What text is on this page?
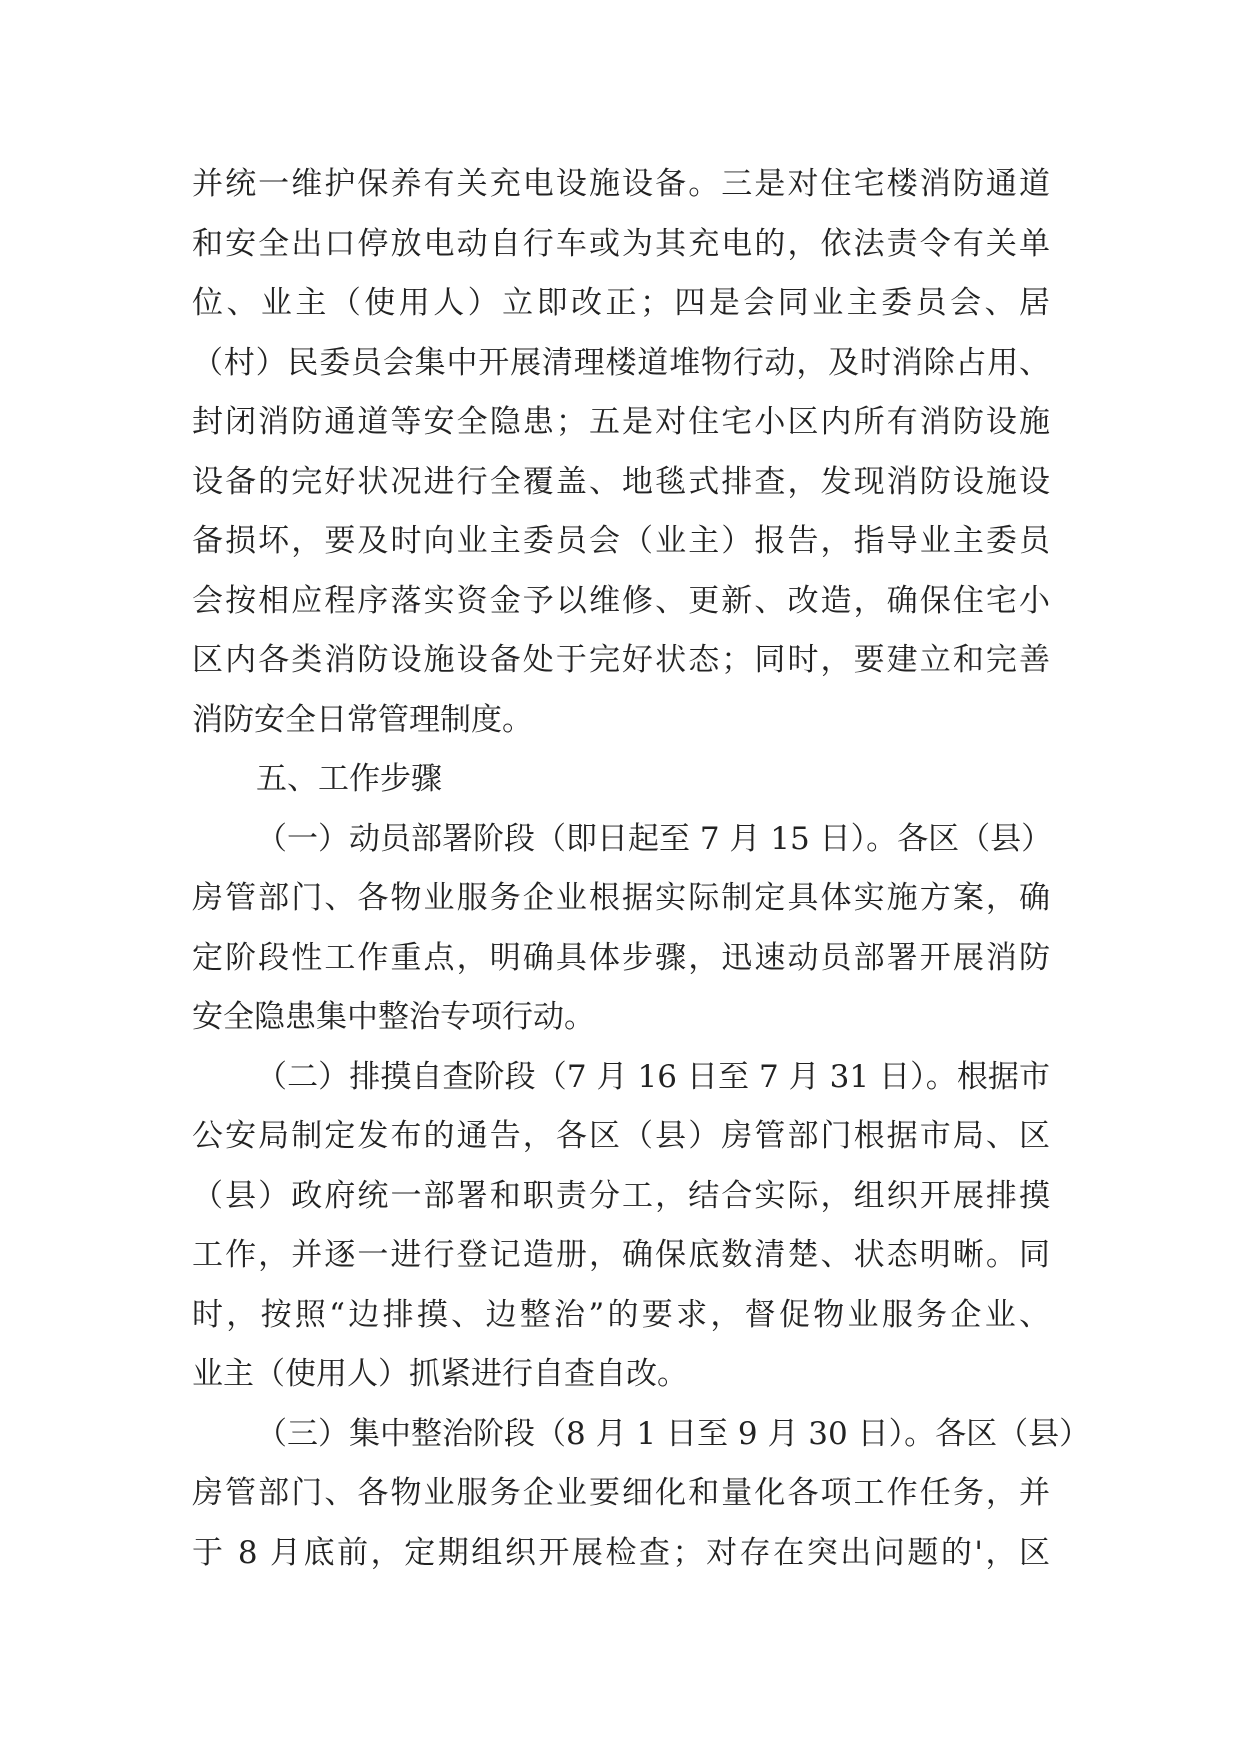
并统一维护保养有关充电设施设备。三是对住宅楼消防通道
和安全出口停放电动自行车或为其充电的，依法责令有关单
位、业主（使用人）立即改正；四是会同业主委员会、居
（村）民委员会集中开展清理楼道堆物行动，及时消除占用、
封闭消防通道等安全隐患；五是对住宅小区内所有消防设施
设备的完好状况进行全覆盖、地毯式排查，发现消防设施设
备损坏，要及时向业主委员会（业主）报告，指导业主委员
会按相应程序落实资金予以维修、更新、改造，确保住宅小
区内各类消防设施设备处于完好状态；同时，要建立和完善
消防安全日常管理制度。
五、工作步骤
（一）动员部署阶段（即日起至 7 月 15 日）。各区（县）
房管部门、各物业服务企业根据实际制定具体实施方案，确
定阶段性工作重点，明确具体步骤，迅速动员部署开展消防
安全隐患集中整治专项行动。
（二）排摸自查阶段（7 月 16 日至 7 月 31 日）。根据市
公安局制定发布的通告，各区（县）房管部门根据市局、区
（县）政府统一部署和职责分工，结合实际，组织开展排摸
工作，并逐一进行登记造册，确保底数清楚、状态明晰。同
时，按照“边排摸、边整治”的要求，督促物业服务企业、
业主（使用人）抓紧进行自查自改。
（三）集中整治阶段（8 月 1 日至 9 月 30 日）。各区（县）
房管部门、各物业服务企业要细化和量化各项工作任务，并
于 8 月底前，定期组织开展检查；对存在突出问题的'，区
